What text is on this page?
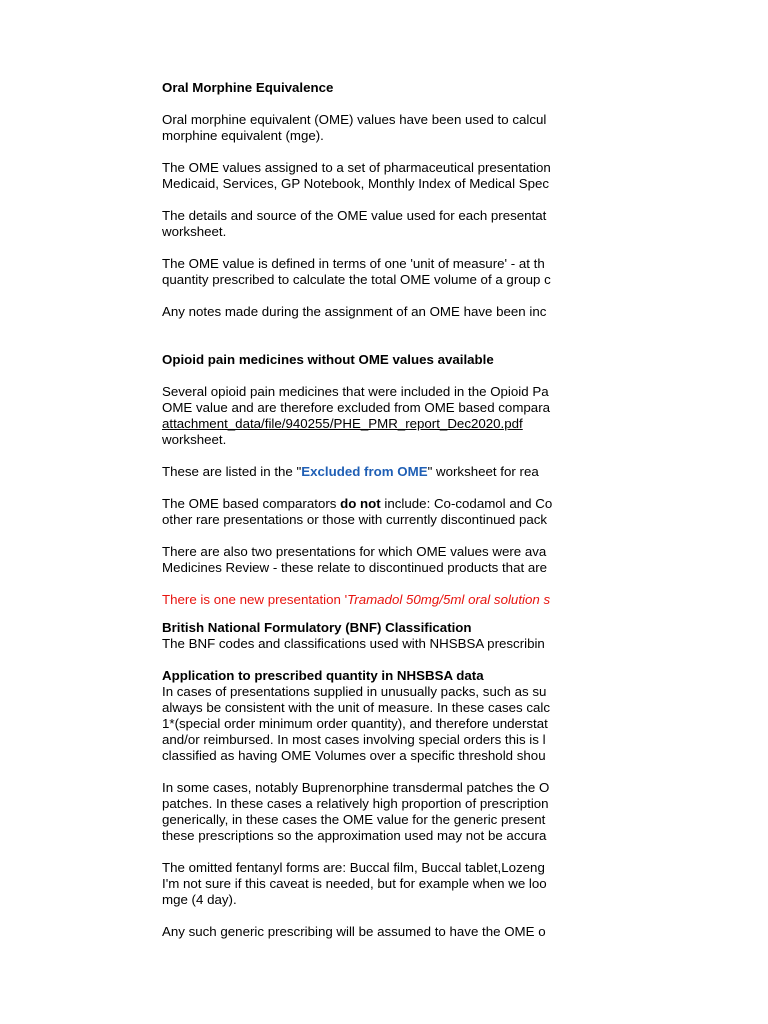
Oral Morphine Equivalence
Oral morphine equivalent (OME) values have been used to calcul
morphine equivalent (mge).
The OME values assigned to a set of pharmaceutical presentation
Medicaid, Services, GP Notebook, Monthly Index of Medical Spec
The details and source of the OME value used for each presentat
worksheet.
The OME value is defined in terms of one 'unit of measure' - at th
quantity prescribed to calculate the total OME volume of a group c
Any notes made during the assignment of an OME have been inc
Opioid pain medicines without OME values available
Several opioid pain medicines that were included in the Opioid Pa
OME value and are therefore excluded from OME based compara
attachment_data/file/940255/PHE_PMR_report_Dec2020.pdf
worksheet.
These are listed in the "Excluded from OME" worksheet for rea
The OME based comparators do not include: Co-codamol and Co
other rare presentations or those with currently discontinued pack
There are also two presentations for which OME values were ava
Medicines Review - these relate to discontinued products that are
There is one new presentation 'Tramadol 50mg/5ml oral solution s
British National Formulatory (BNF) Classification
The BNF codes and classifications used with NHSBSA prescribin
Application to prescribed quantity in NHSBSA data
In cases of presentations supplied in unusually packs, such as su
always be consistent with the unit of measure. In these cases calc
1*(special order minimum order quantity), and therefore understat
and/or reimbursed. In most cases involving special orders this is l
classified as having OME Volumes over a specific threshold shou
In some cases, notably Buprenorphine transdermal patches the O
patches. In these cases a relatively high proportion of prescription
generically, in these cases the OME value for the generic present
these prescriptions so the approximation used may not be accura
The omitted fentanyl forms are: Buccal film, Buccal tablet,Lozeng
I'm not sure if this caveat is needed, but for example when we loo
mge (4 day).
Any such generic prescribing will be assumed to have the OME o
